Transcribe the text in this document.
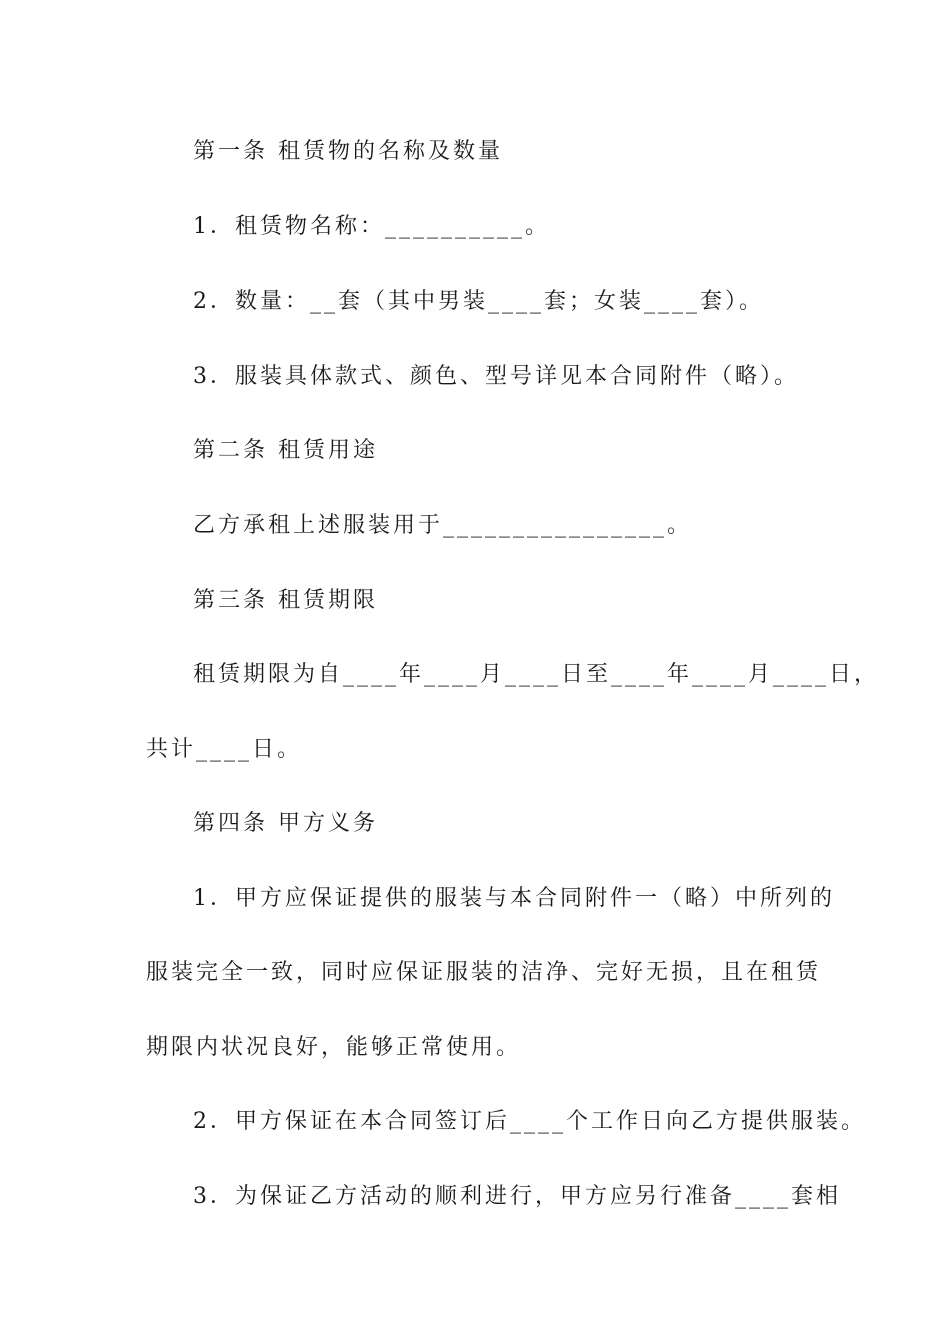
第一条 租赁物的名称及数量
1．租赁物名称：__________。
2．数量：__套（其中男装____套；女装____套）。
3．服装具体款式、颜色、型号详见本合同附件（略）。
第二条 租赁用途
乙方承租上述服装用于________________。
第三条 租赁期限
租赁期限为自____年____月____日至____年____月____日，
共计____日。
第四条 甲方义务
1．甲方应保证提供的服装与本合同附件一（略）中所列的
服装完全一致，同时应保证服装的洁净、完好无损，且在租赁
期限内状况良好，能够正常使用。
2．甲方保证在本合同签订后____个工作日向乙方提供服装。
3．为保证乙方活动的顺利进行，甲方应另行准备____套相
